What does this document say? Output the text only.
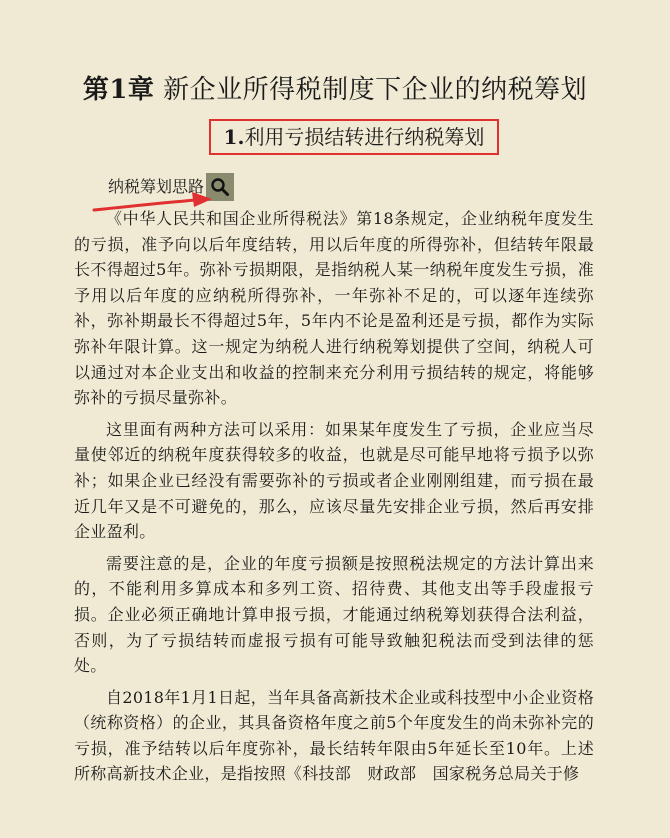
第1章 新企业所得税制度下企业的纳税筹划
1.利用亏损结转进行纳税筹划
纳税筹划思路

《中华人民共和国企业所得税法》第18条规定，企业纳税年度发生的亏损，准予向以后年度结转，用以后年度的所得弥补，但结转年限最长不得超过5年。弥补亏损期限，是指纳税人某一纳税年度发生亏损，准予用以后年度的应纳税所得弥补，一年弥补不足的，可以逐年连续弥补，弥补期最长不得超过5年，5年内不论是盈利还是亏损，都作为实际弥补年限计算。这一规定为纳税人进行纳税筹划提供了空间，纳税人可以通过对本企业支出和收益的控制来充分利用亏损结转的规定，将能够弥补的亏损尽量弥补。

这里面有两种方法可以采用：如果某年度发生了亏损，企业应当尽量使邻近的纳税年度获得较多的收益，也就是尽可能早地将亏损予以弥补；如果企业已经没有需要弥补的亏损或者企业刚刚组建，而亏损在最近几年又是不可避免的，那么，应该尽量先安排企业亏损，然后再安排企业盈利。

需要注意的是，企业的年度亏损额是按照税法规定的方法计算出来的，不能利用多算成本和多列工资、招待费、其他支出等手段虚报亏损。企业必须正确地计算申报亏损，才能通过纳税筹划获得合法利益，否则，为了亏损结转而虚报亏损有可能导致触犯税法而受到法律的惩处。

自2018年1月1日起，当年具备高新技术企业或科技型中小企业资格（统称资格）的企业，其具备资格年度之前5个年度发生的尚未弥补完的亏损，准予结转以后年度弥补，最长结转年限由5年延长至10年。上述所称高新技术企业，是指按照《科技部　财政部　国家税务总局关于修
